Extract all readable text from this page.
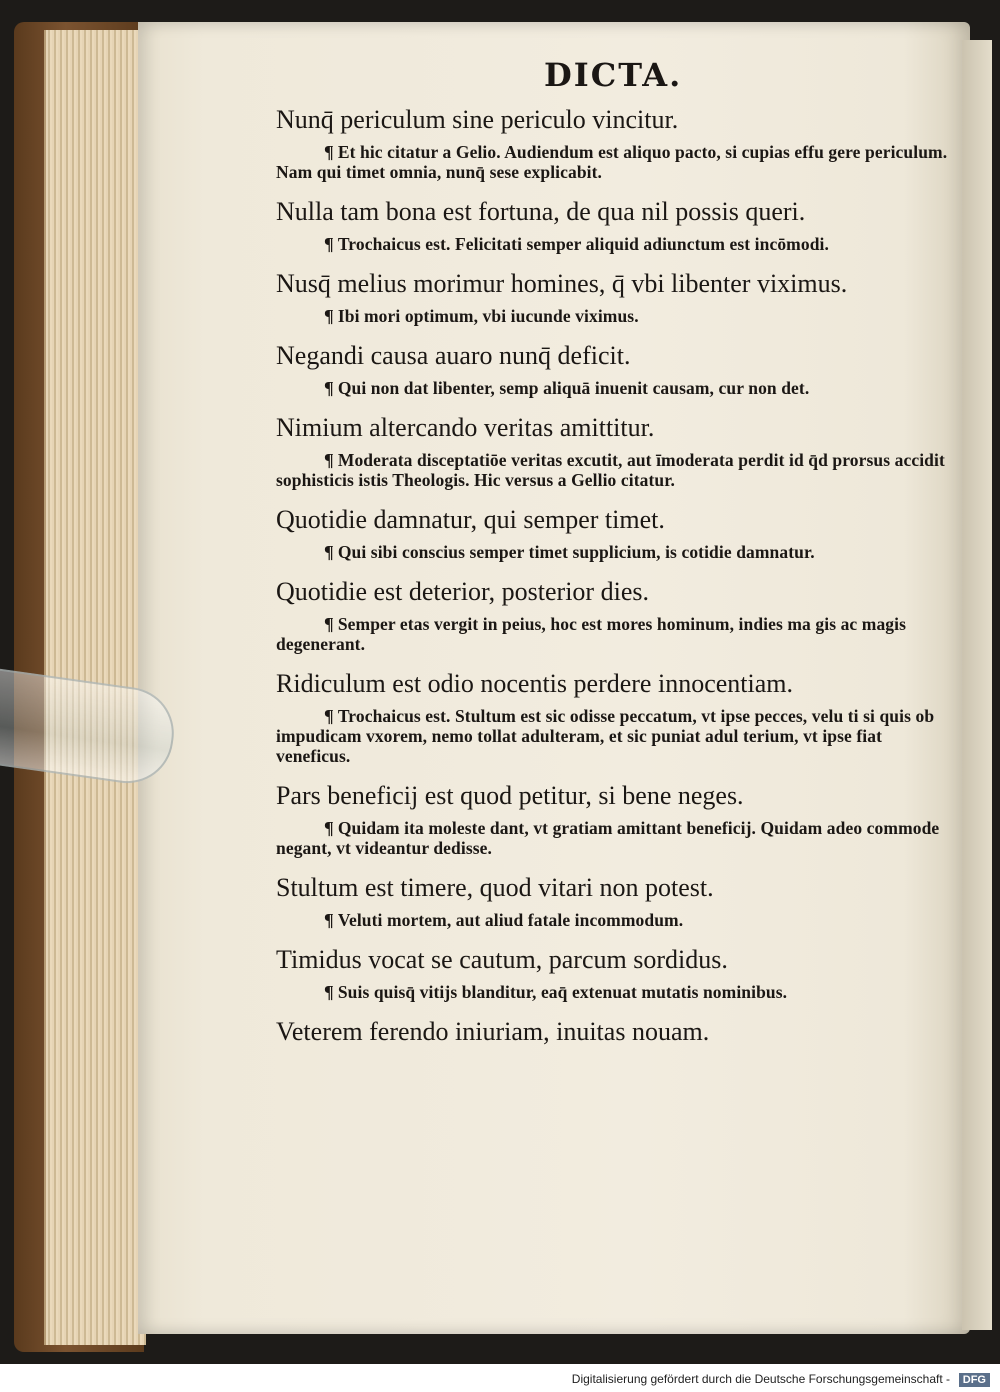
DICTA.

Nunq̄ periculum sine periculo vincitur.

¶ Et hic citatur a Gelio. Audiendum est aliquo pacto, si cupias effu gere periculum. Nam qui timet omnia, nunq̄ sese explicabit.

Nulla tam bona est fortuna, de qua nil possis queri.

¶ Trochaicus est. Felicitati semper aliquid adiunctum est incōmodi.

Nusq̄ melius morimur homines, q̄ vbi libenter viximus.

¶ Ibi mori optimum, vbi iucunde viximus.

Negandi causa auaro nunq̄ deficit.

¶ Qui non dat libenter, semp aliquā inuenit causam, cur non det.

Nimium altercando veritas amittitur.

¶ Moderata disceptatiōe veritas excutit, aut īmoderata perdit id q̄d prorsus accidit sophisticis istis Theologis. Hic versus a Gellio citatur.

Quotidie damnatur, qui semper timet.

¶ Qui sibi conscius semper timet supplicium, is cotidie damnatur.

Quotidie est deterior, posterior dies.

¶ Semper etas vergit in peius, hoc est mores hominum, indies ma gis ac magis degenerant.

Ridiculum est odio nocentis perdere innocentiam.

¶ Trochaicus est. Stultum est sic odisse peccatum, vt ipse pecces, velu ti si quis ob impudicam vxorem, nemo tollat adulteram, et sic puniat adul terium, vt ipse fiat veneficus.

Pars beneficij est quod petitur, si bene neges.

¶ Quidam ita moleste dant, vt gratiam amittant beneficij. Quidam adeo commode negant, vt videantur dedisse.

Stultum est timere, quod vitari non potest.

¶ Veluti mortem, aut aliud fatale incommodum.

Timidus vocat se cautum, parcum sordidus.

¶ Suis quisq̄ vitijs blanditur, eaq̄ extenuat mutatis nominibus.

Veterem ferendo iniuriam, inuitas nouam.

Digitalisierung gefördert durch die Deutsche Forschungsgemeinschaft -	DFG
